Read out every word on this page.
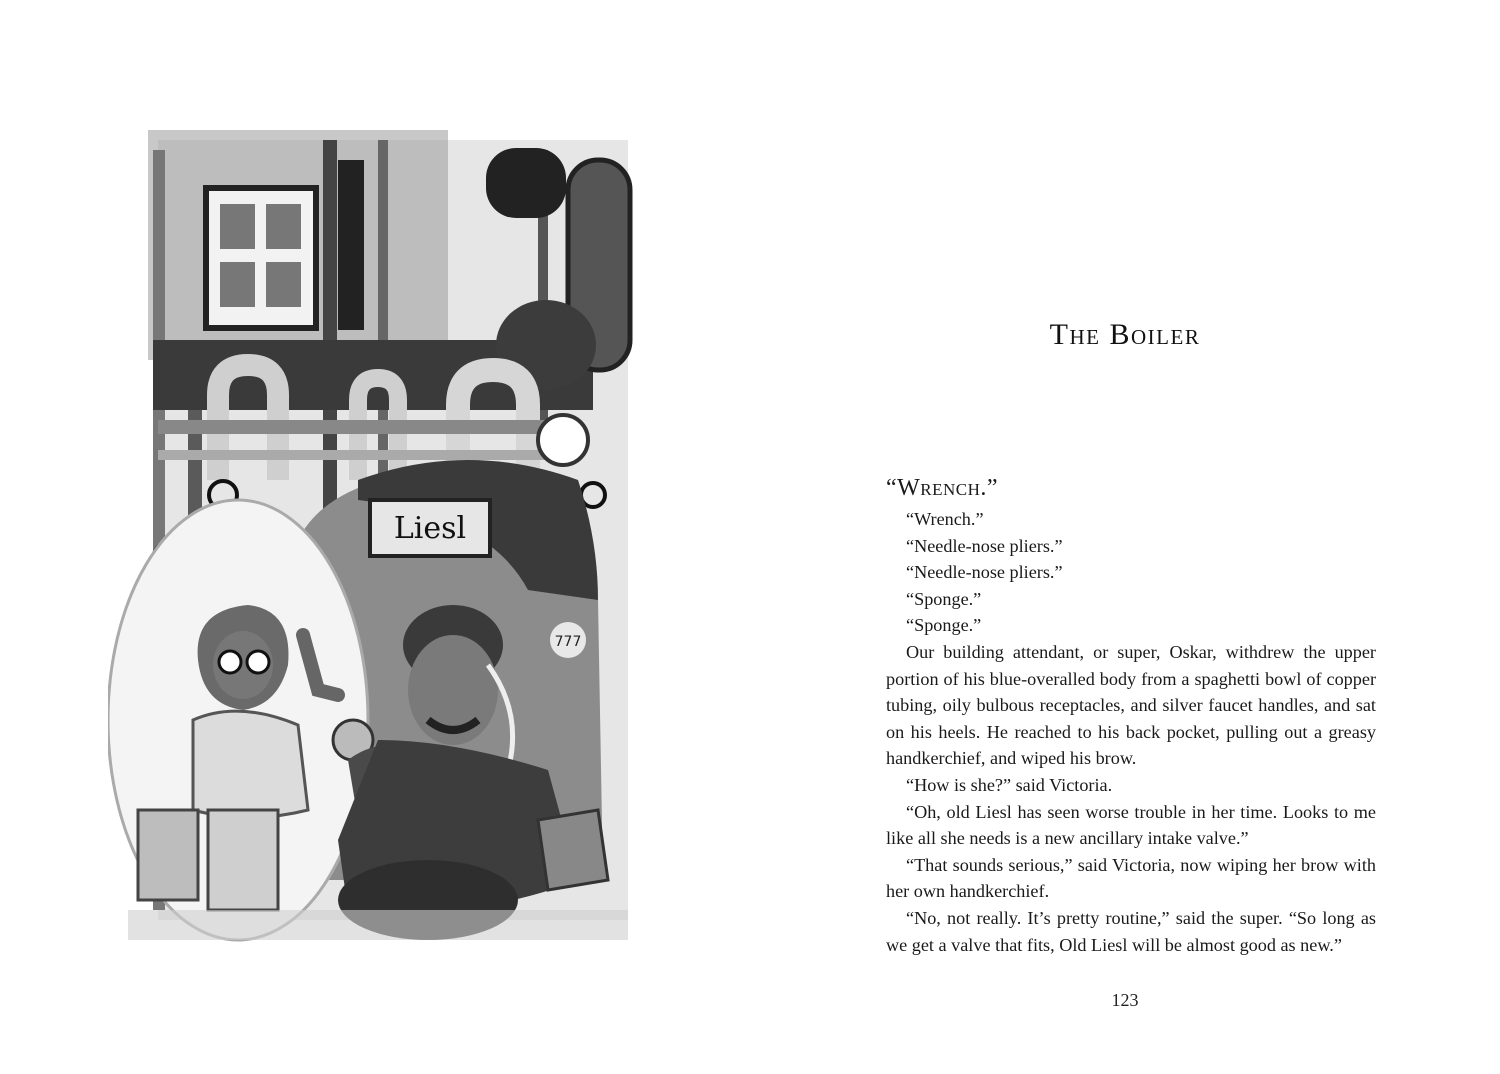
Liesl
777
The Boiler

“Wrench.”

“Wrench.”

“Needle-nose pliers.”

“Needle-nose pliers.”

“Sponge.”

“Sponge.”

Our building attendant, or super, Oskar, withdrew the upper portion of his blue-overalled body from a spaghetti bowl of copper tubing, oily bulbous receptacles, and silver faucet handles, and sat on his heels. He reached to his back pocket, pulling out a greasy handkerchief, and wiped his brow.

“How is she?” said Victoria.

“Oh, old Liesl has seen worse trouble in her time. Looks to me like all she needs is a new ancillary intake valve.”

“That sounds serious,” said Victoria, now wiping her brow with her own handkerchief.

“No, not really. It’s pretty routine,” said the super. “So long as we get a valve that fits, Old Liesl will be almost good as new.”

123
